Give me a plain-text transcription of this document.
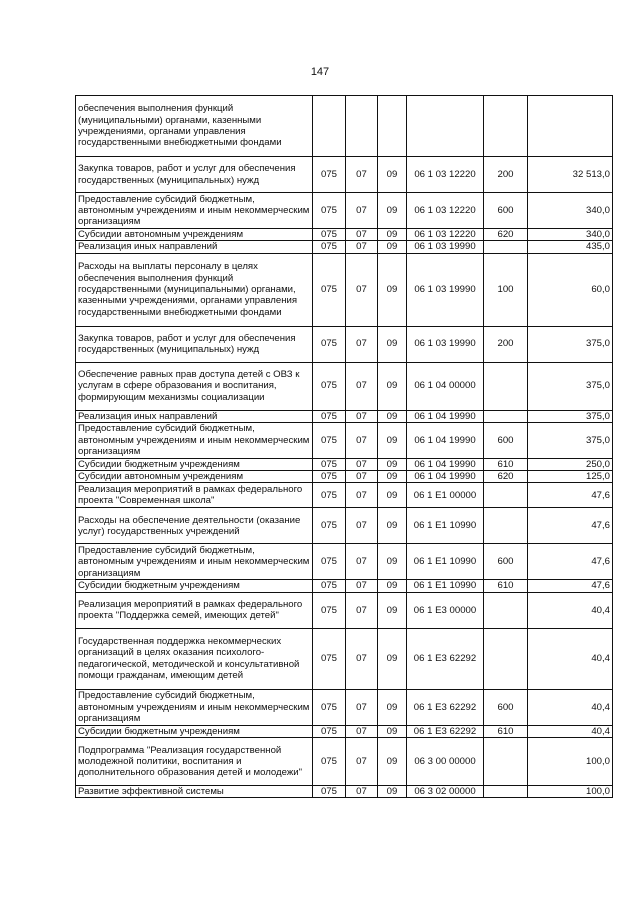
147
обеспечения выполнения функций (муниципальными) органами, казенными учреждениями, органами управления государственными внебюджетными фондами						
Закупка товаров, работ и услуг для обеспечения государственных (муниципальных) нужд	075	07	09	06 1 03 12220	200	32 513,0
Предоставление субсидий бюджетным, автономным учреждениям и иным некоммерческим организациям	075	07	09	06 1 03 12220	600	340,0
Субсидии автономным учреждениям	075	07	09	06 1 03 12220	620	340,0
Реализация иных направлений	075	07	09	06 1 03 19990		435,0
Расходы на выплаты персоналу в целях обеспечения выполнения функций государственными (муниципальными) органами, казенными учреждениями, органами управления государственными внебюджетными фондами	075	07	09	06 1 03 19990	100	60,0
Закупка товаров, работ и услуг для обеспечения государственных (муниципальных) нужд	075	07	09	06 1 03 19990	200	375,0
Обеспечение равных прав доступа детей с ОВЗ к услугам в сфере образования и воспитания, формирующим механизмы социализации	075	07	09	06 1 04 00000		375,0
Реализация иных направлений	075	07	09	06 1 04 19990		375,0
Предоставление субсидий бюджетным, автономным учреждениям и иным некоммерческим организациям	075	07	09	06 1 04 19990	600	375,0
Субсидии бюджетным учреждениям	075	07	09	06 1 04 19990	610	250,0
Субсидии автономным учреждениям	075	07	09	06 1 04 19990	620	125,0
Реализация мероприятий в рамках федерального проекта "Современная школа"	075	07	09	06 1 E1 00000		47,6
Расходы на обеспечение деятельности (оказание услуг) государственных учреждений	075	07	09	06 1 E1 10990		47,6
Предоставление субсидий бюджетным, автономным учреждениям и иным некоммерческим организациям	075	07	09	06 1 E1 10990	600	47,6
Субсидии бюджетным учреждениям	075	07	09	06 1 E1 10990	610	47,6
Реализация мероприятий в рамках федерального проекта "Поддержка семей, имеющих детей"	075	07	09	06 1 E3 00000		40,4
Государственная поддержка некоммерческих организаций в целях оказания психолого-педагогической, методической и консультативной помощи гражданам, имеющим детей	075	07	09	06 1 E3 62292		40,4
Предоставление субсидий бюджетным, автономным учреждениям и иным некоммерческим организациям	075	07	09	06 1 E3 62292	600	40,4
Субсидии бюджетным учреждениям	075	07	09	06 1 E3 62292	610	40,4
Подпрограмма "Реализация государственной молодежной политики, воспитания и дополнительного образования детей и молодежи"	075	07	09	06 3 00 00000		100,0
Развитие эффективной системы	075	07	09	06 3 02 00000		100,0
